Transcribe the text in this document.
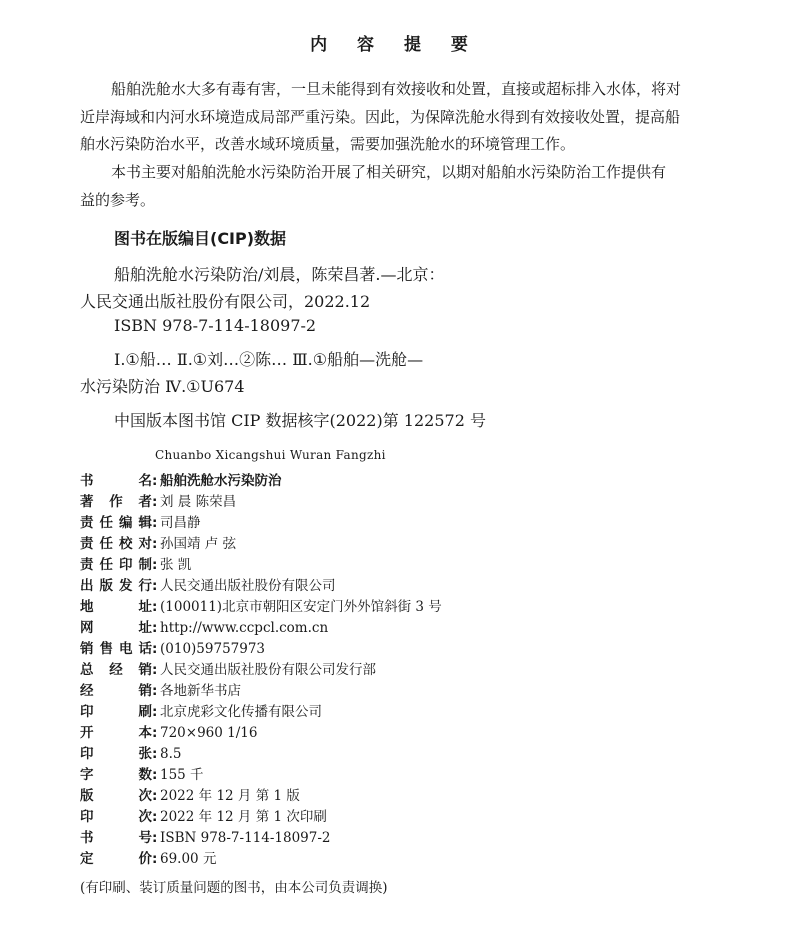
内 容 提 要
船舶洗舱水大多有毒有害，一旦未能得到有效接收和处置，直接或超标排入水体，将对
近岸海域和内河水环境造成局部严重污染。因此，为保障洗舱水得到有效接收处置，提高船
舶水污染防治水平，改善水域环境质量，需要加强洗舱水的环境管理工作。
本书主要对船舶洗舱水污染防治开展了相关研究，以期对船舶水污染防治工作提供有
益的参考。
图书在版编目(CIP)数据
船舶洗舱水污染防治/刘晨，陈荣昌著.—北京：
人民交通出版社股份有限公司，2022.12
ISBN 978-7-114-18097-2
Ⅰ.①船… Ⅱ.①刘…②陈… Ⅲ.①船舶—洗舱—
水污染防治 Ⅳ.①U674
中国版本图书馆 CIP 数据核字(2022)第 122572 号
Chuanbo Xicangshui Wuran Fangzhi
书名: 船舶洗舱水污染防治
著作者: 刘 晨 陈荣昌
责任编辑: 司昌静
责任校对: 孙国靖 卢 弦
责任印制: 张 凯
出版发行: 人民交通出版社股份有限公司
地址: (100011)北京市朝阳区安定门外外馆斜街 3 号
网址: http://www.ccpcl.com.cn
销售电话: (010)59757973
总经销: 人民交通出版社股份有限公司发行部
经销: 各地新华书店
印刷: 北京虎彩文化传播有限公司
开本: 720×960 1/16
印张: 8.5
字数: 155 千
版次: 2022 年 12 月 第 1 版
印次: 2022 年 12 月 第 1 次印刷
书号: ISBN 978-7-114-18097-2
定价: 69.00 元
(有印刷、装订质量问题的图书，由本公司负责调换)
